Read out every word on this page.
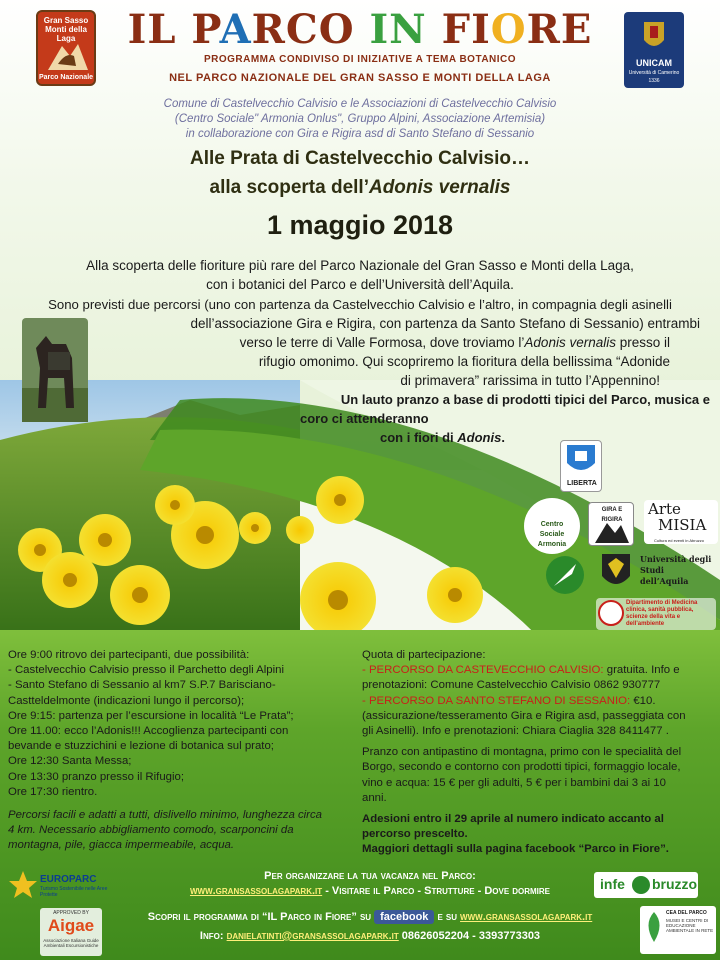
Gran Sasso Monti della Laga
Parco Nazionale
IL PARCO IN FIORE
PROGRAMMA CONDIVISO DI INIZIATIVE A TEMA BOTANICO
NEL PARCO NAZIONALE DEL GRAN SASSO E MONTI DELLA LAGA
UNICAM
Università di Camerino
1336
Comune di Castelvecchio Calvisio e le Associazioni di Castelvecchio Calvisio
(Centro Sociale" Armonia Onlus", Gruppo Alpini, Associazione Artemisia)
in collaborazione con Gira e Rigira asd di Santo Stefano di Sessanio
Alle Prata di Castelvecchio Calvisio…
alla scoperta dell’Adonis vernalis
1 maggio 2018
Alla scoperta delle fioriture più rare del Parco Nazionale del Gran Sasso e Monti della Laga,
con i botanici del Parco e dell’Università dell’Aquila.
Sono previsti due percorsi (uno con partenza da Castelvecchio Calvisio e l’altro, in compagnia degli asinelli
dell’associazione Gira e Rigira, con partenza da Santo Stefano di Sessanio) entrambi
verso le terre di Valle Formosa, dove troviamo l’Adonis vernalis presso il
rifugio omonimo. Qui scopriremo la fioritura della bellissima “Adonide
di primavera” rarissima in tutto l’Appennino!
Un lauto pranzo a base di prodotti tipici del Parco, musica e
coro ci attenderanno
con i fiori di Adonis.
LIBERTA
Centro Sociale Armonia
GIRA E RIGIRA
Arte
MISIA
Cultura ed eventi in Abruzzo
Università degli Studi dell’Aquila
Dipartimento di Medicina clinica, sanità pubblica, scienze della vita e dell'ambiente
Ore 9:00 ritrovo dei partecipanti, due possibilità:
- Castelvecchio Calvisio presso il Parchetto degli Alpini
- Santo Stefano di Sessanio al km7 S.P.7 Barisciano-
Castteldelmonte (indicazioni lungo il percorso);
Ore 9:15: partenza per l’escursione in località “Le Prata”;
Ore 11.00: ecco l’Adonis!!! Accoglienza partecipanti con
bevande e stuzzichini e lezione di botanica sul prato;
Ore 12:30 Santa Messa;
Ore 13:30 pranzo presso il Rifugio;
Ore 17:30 rientro.
Percorsi facili e adatti a tutti, dislivello minimo, lunghezza circa
4 km. Necessario abbigliamento comodo, scarponcini da
montagna, pile, giacca impermeabile, acqua.
Quota di partecipazione:
- PERCORSO DA CASTEVECCHIO CALVISIO: gratuita. Info e
prenotazioni: Comune Castelvecchio Calvisio 0862 930777
- PERCORSO DA SANTO STEFANO DI SESSANIO: €10.
(assicurazione/tesseramento Gira e Rigira asd, passeggiata con
gli Asinelli). Info e prenotazioni: Chiara Ciaglia 328 8411477 .
Pranzo con antipastino di montagna, primo con le specialità del
Borgo, secondo e contorno con prodotti tipici, formaggio locale,
vino e acqua: 15 € per gli adulti, 5 € per i bambini dai 3 ai 10
anni.
Adesioni entro il 29 aprile al numero indicato accanto al
percorso prescelto.
Maggiori dettagli sulla pagina facebook “Parco in Fiore”.
EUROPARC
Turismo Sostenibile nelle Aree Protette
APPROVED BY
Aigae
Associazione Italiana Guide Ambientali Escursionistiche
Per organizzare la tua vacanza nel Parco:
www.gransassolagapark.it - Visitare il Parco - Strutture - Dove dormire
Scopri il programma di “IL Parco in Fiore” su facebook e su www.gransassolagapark.it
Info: danielatinti@gransassolagapark.it 08626052204 - 3393773303
infe bruzzo
CEA DEL PARCO
MUSEI E CENTRI DI EDUCAZIONE AMBIENTALE IN RETE
